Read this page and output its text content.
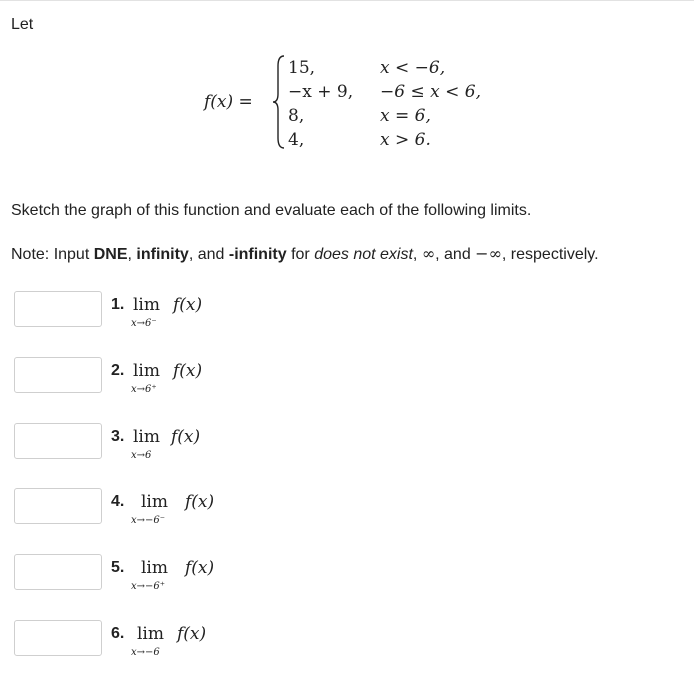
Let
f(x) =
15,	x < −6,
−x + 9, −6 ≤ x < 6,
8,	x = 6,
4,	x > 6.
Sketch the graph of this function and evaluate each of the following limits.
Note: Input DNE, infinity, and -infinity for does not exist, ∞, and −∞, respectively.
1. lim f(x)
x→6⁻
2. lim f(x)
x→6⁺
3. lim f(x)
x→6
4. lim f(x)
x→−6⁻
5. lim f(x)
x→−6⁺
6. lim f(x)
x→−6
